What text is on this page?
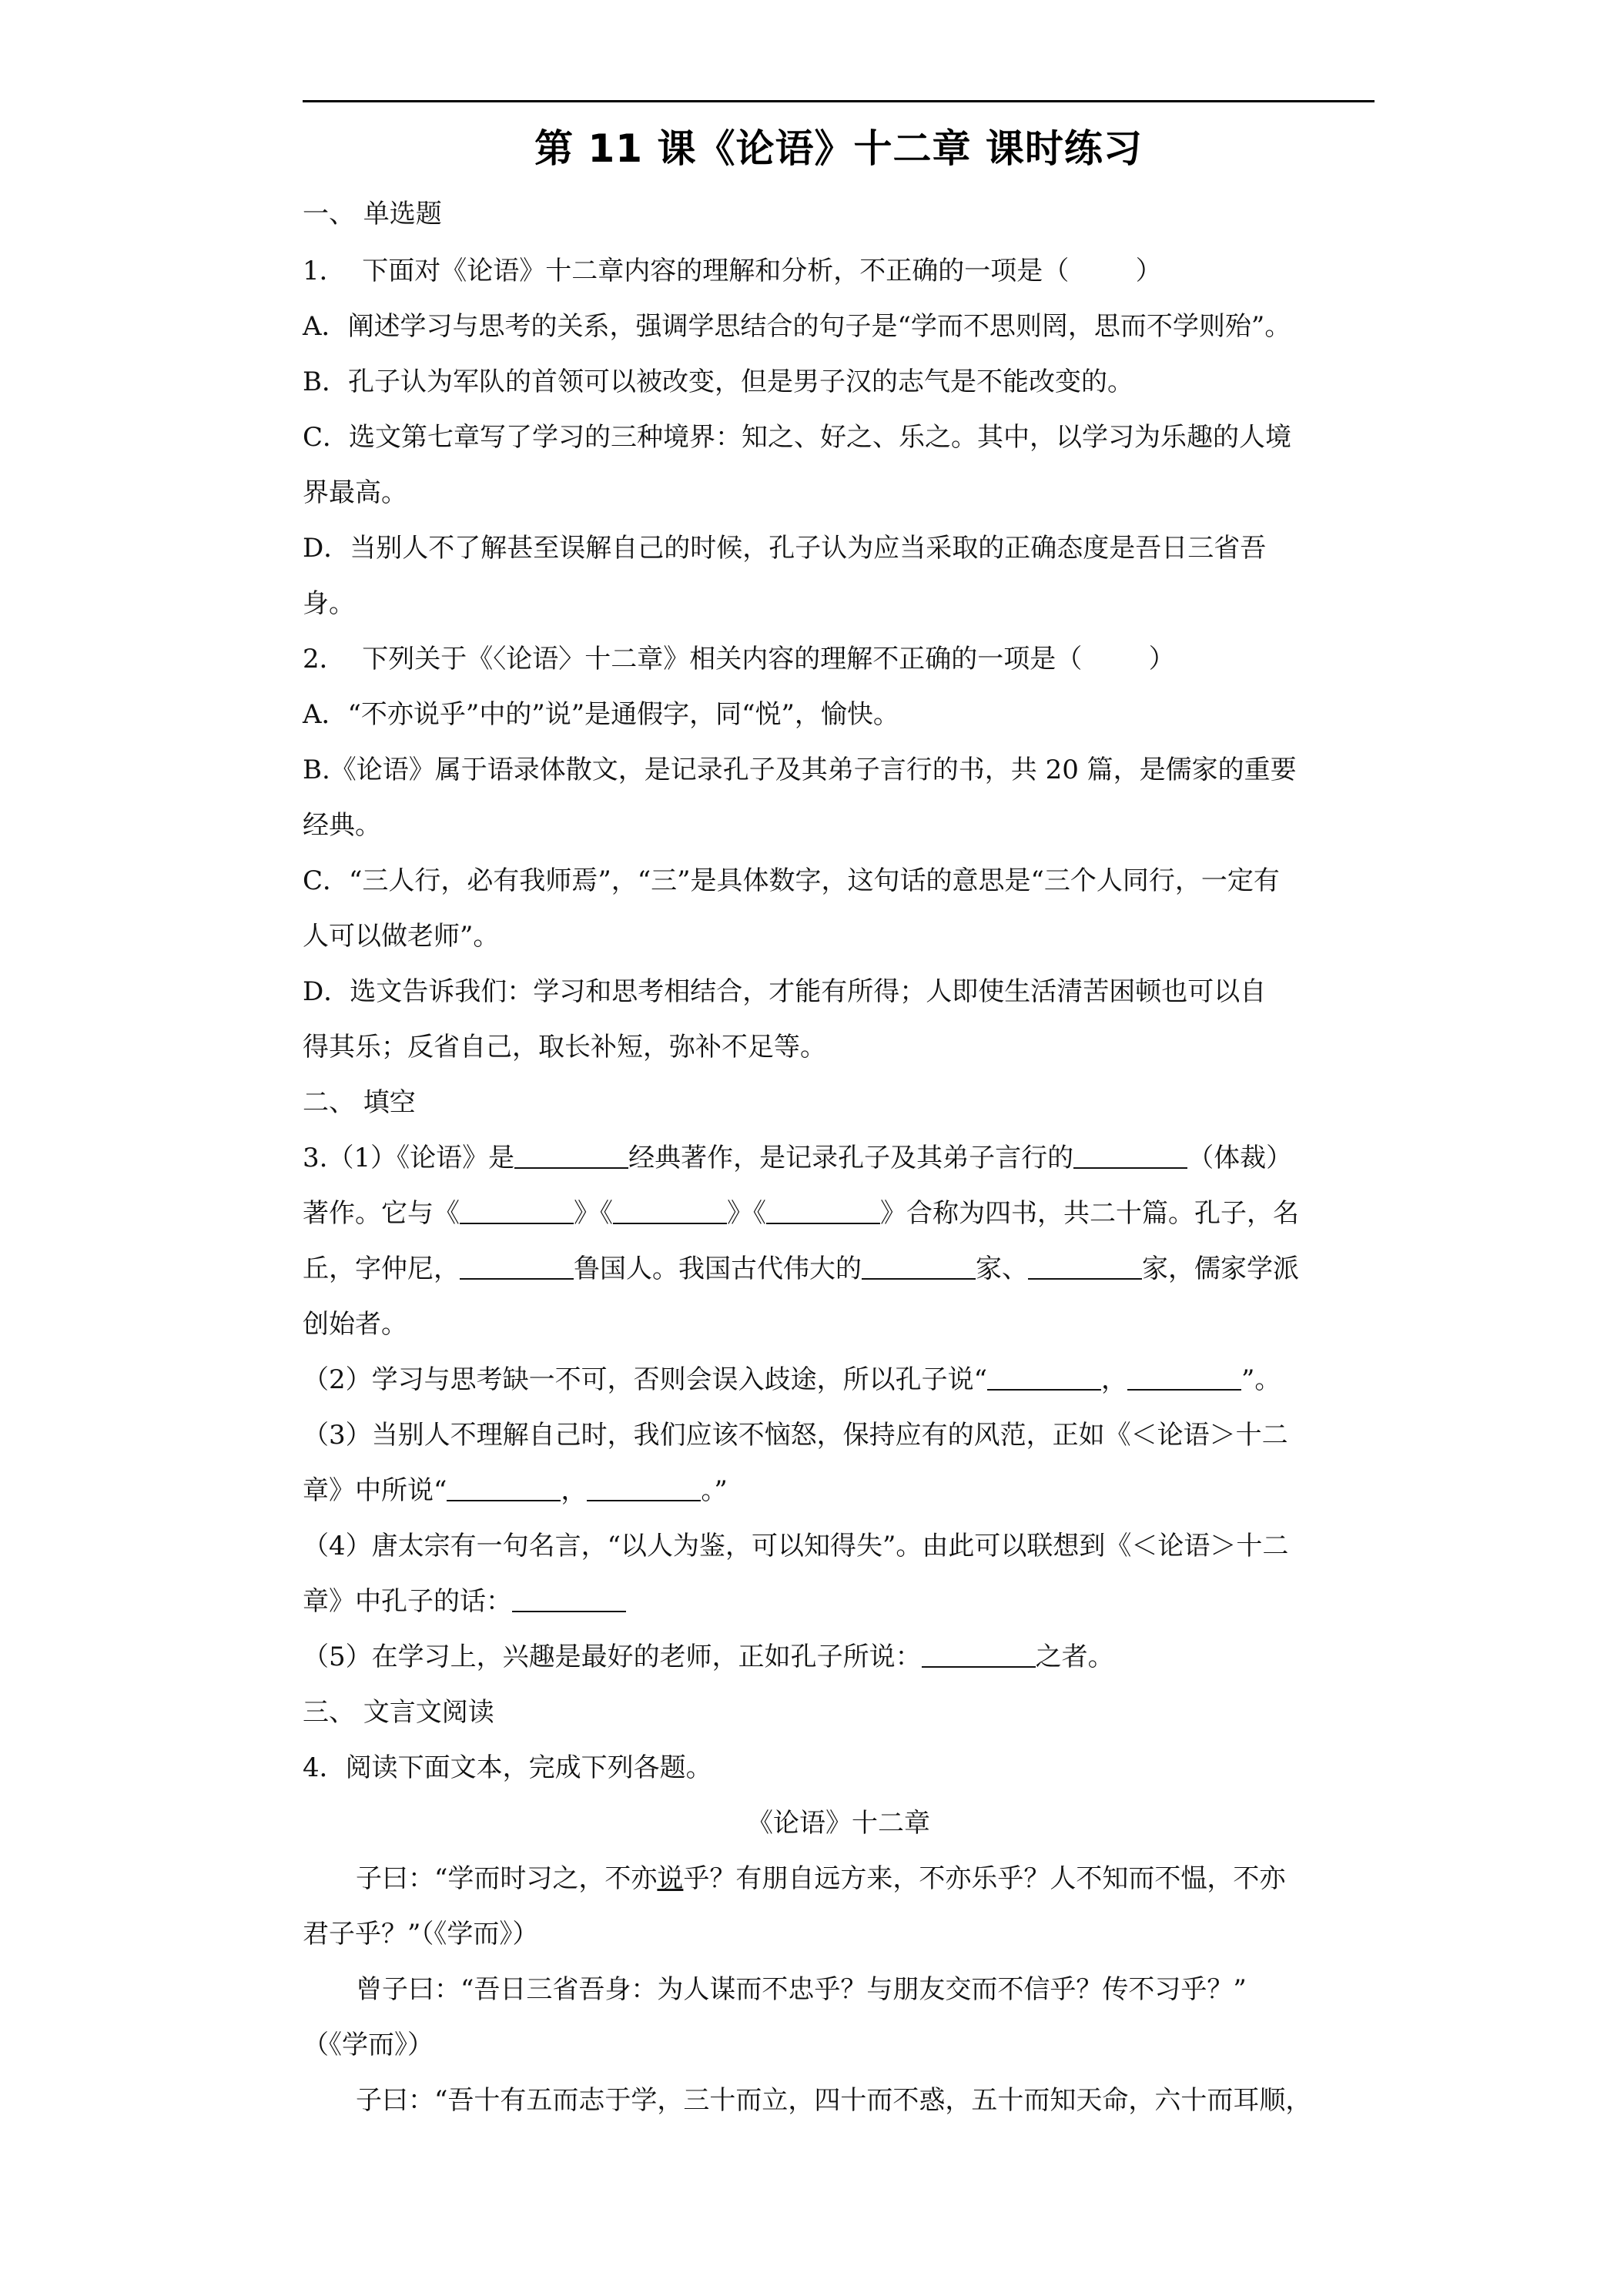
第 11 课《论语》十二章 课时练习
一、 单选题
1．  下面对《论语》十二章内容的理解和分析，不正确的一项是（        ）
A．阐述学习与思考的关系，强调学思结合的句子是“学而不思则罔，思而不学则殆”。
B．孔子认为军队的首领可以被改变，但是男子汉的志气是不能改变的。
C．选文第七章写了学习的三种境界：知之、好之、乐之。其中，以学习为乐趣的人境
界最高。
D．当别人不了解甚至误解自己的时候，孔子认为应当采取的正确态度是吾日三省吾
身。
2．  下列关于《〈论语〉十二章》相关内容的理解不正确的一项是（        ）
A．“不亦说乎”中的”说”是通假字，同“悦”，愉快。
B.《论语》属于语录体散文，是记录孔子及其弟子言行的书，共 20 篇，是儒家的重要
经典。
C．“三人行，必有我师焉”，“三”是具体数字，这句话的意思是“三个人同行，一定有
人可以做老师”。
D．选文告诉我们：学习和思考相结合，才能有所得；人即使生活清苦困顿也可以自
得其乐；反省自己，取长补短，弥补不足等。
二、 填空
3.（1）《论语》是	经典著作，是记录孔子及其弟子言行的	（体裁）
著作。它与《	》《	》《	》合称为四书，共二十篇。孔子，名
丘，字仲尼，	鲁国人。我国古代伟大的	家、	家，儒家学派
创始者。
（2）学习与思考缺一不可，否则会误入歧途，所以孔子说“	，	”。
（3）当别人不理解自己时，我们应该不恼怒，保持应有的风范，正如《＜论语＞十二
章》中所说“	，	。”
（4）唐太宗有一句名言，“以人为鉴，可以知得失”。由此可以联想到《＜论语＞十二
章》中孔子的话：
（5）在学习上，兴趣是最好的老师，正如孔子所说：	之者。
三、 文言文阅读
4．阅读下面文本，完成下列各题。
《论语》十二章
子曰：“学而时习之，不亦说乎？有朋自远方来，不亦乐乎？人不知而不愠，不亦
君子乎？”（《学而》）
曾子曰：“吾日三省吾身：为人谋而不忠乎？与朋友交而不信乎？传不习乎？”
（《学而》）
子曰：“吾十有五而志于学，三十而立，四十而不惑，五十而知天命，六十而耳顺，
